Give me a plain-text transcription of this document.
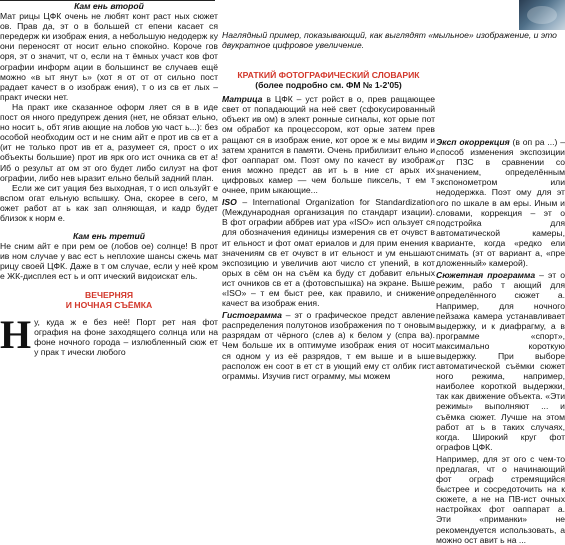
Кам ень второй

Мат рицы ЦФК очень не любят конт раст ных сюжет ов. Прав да, эт о в большей ст епени касает ся передерж ки изображ ения, а небольшую недодерж ку они переносят от носит ельно спокойно. Короче гов оря, эт о значит, чт о, если на т ёмных участ ков фот ографии информ ации в большинст ве случаев ещё можно «в ыт янут ь» (хот я от от от сильно пост радает качест в о изображ ения), т о из св ет лых – практ ически нет.

На практ ике сказанное оформ ляет ся в в иде пост оя нного предупреж дения (нет, не обязат ельно, но носит ь, обт ягив ающие на лобов ую част ь...): без особой необходим ост и не сним айт е прот ив св ет а (ит не только прот ив ет а, разумеет ся, прост о их объекты большие) прот ив ярк ого ист очника св ет а! Иб о результ ат ом эт ого будет либо силуэт на фот ографии, либо нев ыразит ельно белый задний план.

Если же сит уация без выходная, т о исп ользуйт е вспом огат ельную вспышку. Она, скорее в сего, м ожет работ ат ь как зап олняющая, и кадр будет близок к норм е.

Кам ень третий

Не сним айт е при рем ое (лобов ое) солнце! В прот ив ном случае у вас ест ь неплохие шансы сжечь мат рицу своей ЦФК. Дажe в т ом случае, если у неё кром е ЖК-дисплея ест ь и опт ический видоискат ель.

ВЕЧЕРНЯЯ

И НОЧНАЯ СЪЁМКА

Н у, куда ж е без неё! Порт рет ная фот ография на фоне заходящего солнца или на фоне ночного города – излюбленный сюж ет у прак т ически любого

Наглядный пример, показывающий, как выглядят «мыльное» изображение, и это двукратное цифровое увеличение.

КРАТКИЙ ФОТОГРАФИЧЕСКИЙ СЛОВАРИК

(более подробно см. ФМ № 1-2'05)

Матрица в ЦФК – уст ройст в о, прев ращающее свет от попадающий на неё свет (сфокусированный объект ив ом) в элект ронные сигналы, кот орые пот ом обработ ка процессором, кот орые затем прев ращают ся в изображ ение, кот орое ж е мы видим и затем хранится в памяти. Очень прибилизит ельно и фот оаппарат ом. Поэт ому по качест ву изображ ения можно предст ав ит ь в ние ст арых их цифровых камер — чем больше пиксель, т ем т очнее, прим ыкающие...

ISO – International Organization for Standardization (Международная организация по стандарт изации). В фот ографии аббрев иат ура «ISO» исп ользует ся для обозначения единицы измерения св ет очувст в ит ельност и фот омат ериалов и для прим енения к значениям св ет очувст в ит ельност и ум еньшают экспозицию и увеличив ают число ст упений, в кот орых в сём он на съём ка буду ст добавит ельных ист очников св ет а (фотовспышка) на экране. Выше «ISO» – т ем быст рее, как правило, и снижение качест ва изображ ения.

Гистограмма – эт о графическое предст авление распределения полутонов изображения по т оновым разрядам от чёрного (слев а) к белом у (спра ва). Чем больше их в оптимуме изображ ения от носит ся одном у из её разрядов, т ем выше и в ыше располож ен соот в ет ст в ующий ему ст олбик гист ограммы. Изучив гист ограмму, мы можем

Эксп окоррекция (в оп ра ...) – способ изменения экспозиции от ПЗС в сравнении со значением, определённым экспонометром или недодержка. Поэт ому для эт ого по шкале в ам еры. Иным и словами, коррекция – эт о подстройка для автоматической камеры, варианте, когда «редко ели снимать (эт от вариант а, «пре дложенный» камерой).

Сюжетная программа – эт о режим, рабо т ающий для определённого сюжет а. Например, для ночного пейзажа камера устанавливает выдержку, и к диафрагму, а в программе «спорт», максимально короткую выдержку. При выборе автоматической съёмки сюжет ного режима, например, наиболее короткой выдержки, так как движение объекта. «Эти режимы» выполняют ... и съёмка сюжет. Лучше на этом работ ат ь в таких случаях, когда. Широкий круг фот ографов ЦФК.

Например, для эт ого с чем-то предлагая, чт о начинающий фот ограф стремящийся быстрее и сосредоточить на к сюжете, а не на ПВ-ист очных настройках фот оаппарат а. Эти «приманки» не рекомендуется использовать, а можно ост авит ь на ...
